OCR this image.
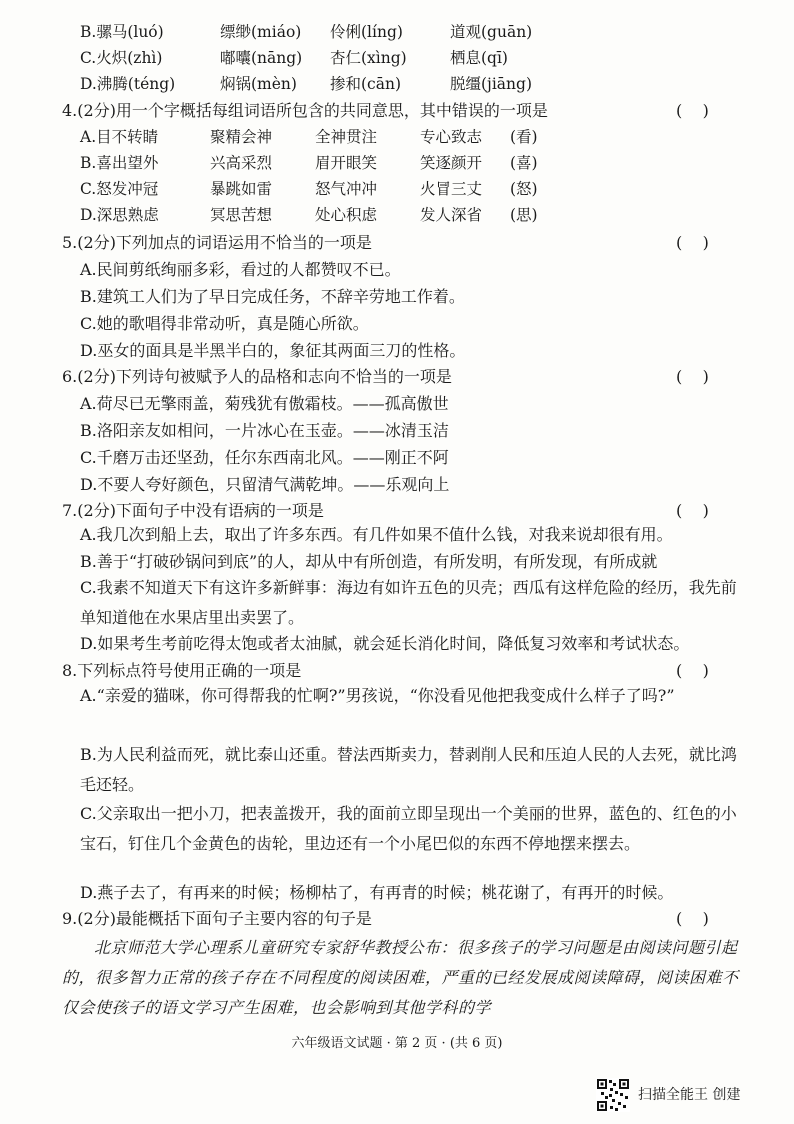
B.骡马(luó)	缥缈(miáo) 伶俐(líng)	道观(guān)
C.火炽(zhì)	嘟囔(nāng) 杏仁(xìng)	栖息(qī)
D.沸腾(téng)	焖锅(mèn) 掺和(cān)	脱缰(jiāng)
4.(2分)用一个字概括每组词语所包含的共同意思，其中错误的一项是	(    )
A.目不转睛	聚精会神	全神贯注	专心致志 (看)
B.喜出望外	兴高采烈	眉开眼笑	笑逐颜开 (喜)
C.怒发冲冠	暴跳如雷	怒气冲冲	火冒三丈 (怒)
D.深思熟虑	冥思苦想	处心积虑	发人深省 (思)
5.(2分)下列加点的词语运用不恰当的一项是	(    )
A.民间剪纸绚丽多彩，看过的人都赞叹不已。
B.建筑工人们为了早日完成任务，不辞辛劳地工作着。
C.她的歌唱得非常动听，真是随心所欲。
D.巫女的面具是半黑半白的，象征其两面三刀的性格。
6.(2分)下列诗句被赋予人的品格和志向不恰当的一项是	(    )
A.荷尽已无擎雨盖，菊残犹有傲霜枝。——孤高傲世
B.洛阳亲友如相问，一片冰心在玉壶。——冰清玉洁
C.千磨万击还坚劲，任尔东西南北风。——刚正不阿
D.不要人夸好颜色，只留清气满乾坤。——乐观向上
7.(2分)下面句子中没有语病的一项是	(    )
A.我几次到船上去，取出了许多东西。有几件如果不值什么钱，对我来说却很有用。
B.善于“打破砂锅问到底”的人，却从中有所创造，有所发明，有所发现，有所成就
C.我素不知道天下有这许多新鲜事：海边有如许五色的贝壳；西瓜有这样危险的经历，我先前单知道他在水果店里出卖罢了。
D.如果考生考前吃得太饱或者太油腻，就会延长消化时间，降低复习效率和考试状态。
8.下列标点符号使用正确的一项是	(    )
A.“亲爱的猫咪，你可得帮我的忙啊?”男孩说，“你没看见他把我变成什么样子了吗?”
B.为人民利益而死，就比泰山还重。替法西斯卖力，替剥削人民和压迫人民的人去死，就比鸿毛还轻。
C.父亲取出一把小刀，把表盖拨开，我的面前立即呈现出一个美丽的世界，蓝色的、红色的小宝石，钉住几个金黄色的齿轮，里边还有一个小尾巴似的东西不停地摆来摆去。
D.燕子去了，有再来的时候；杨柳枯了，有再青的时候；桃花谢了，有再开的时候。
9.(2分)最能概括下面句子主要内容的句子是	(    )
北京师范大学心理系儿童研究专家舒华教授公布：很多孩子的学习问题是由阅读问题引起的，很多智力正常的孩子存在不同程度的阅读困难，严重的已经发展成阅读障碍，阅读困难不仅会使孩子的语文学习产生困难，也会影响到其他学科的学
六年级语文试题 · 第 2 页 · (共 6 页)
扫描全能王 创建
